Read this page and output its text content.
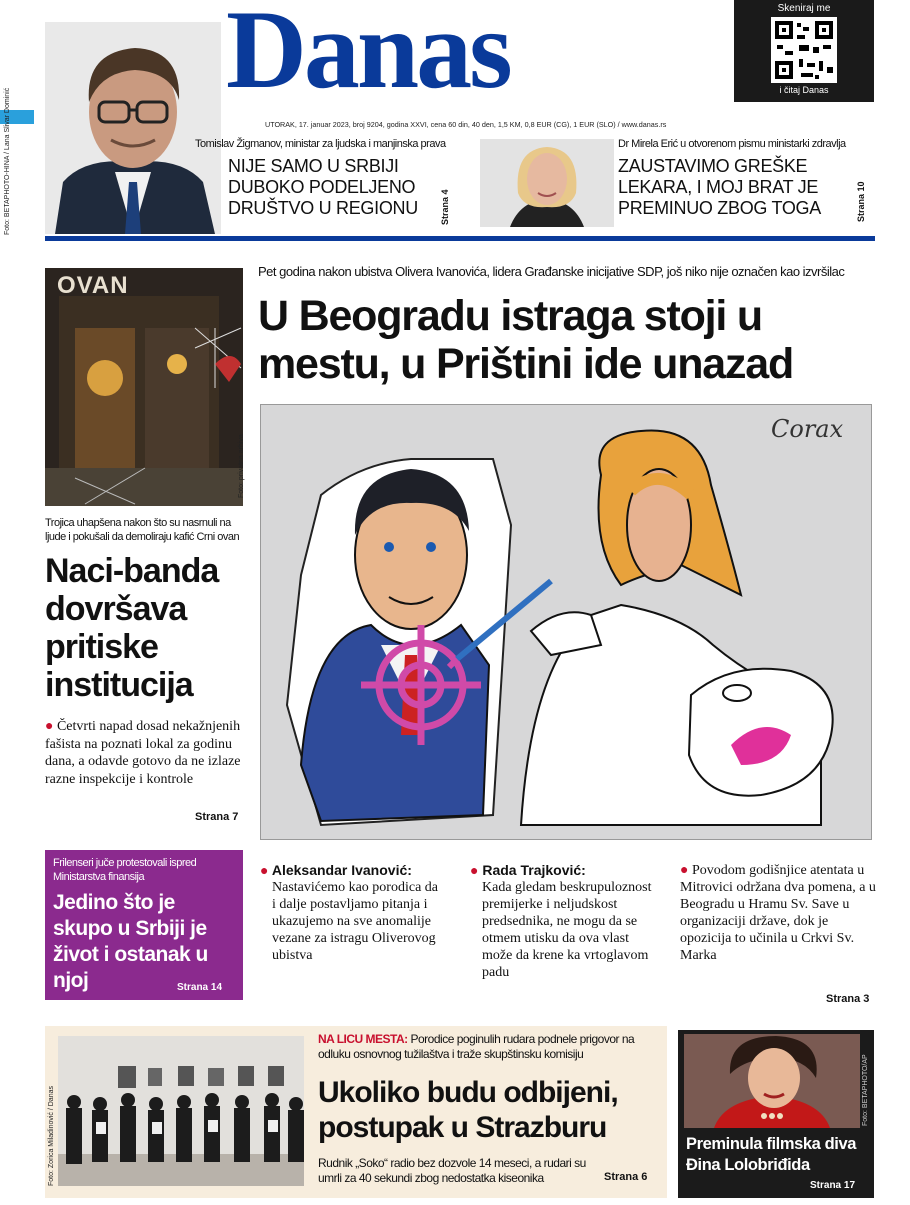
Danas	Skeniraj me
i čitaj Danas
UTORAK, 17. januar 2023, broj 9204, godina XXVI, cena 60 din, 40 den, 1,5 KM, 0,8 EUR (CG), 1 EUR (SLO) / www.danas.rs
Foto: BETAPHOTO-HINA / Lana Slivar Dominić	Tomislav Žigmanov, ministar za ljudska i manjinska prava
NIJE SAMO U SRBIJI DUBOKO PODELJENO DRUŠTVO U REGIONU	Strana 4
Dr Mirela Erić u otvorenom pismu ministarki zdravlja
ZAUSTAVIMO GREŠKE LEKARA, I MOJ BRAT JE PREMINUO ZBOG TOGA	Strana 10
OVAN
Foto: privatna arhiva
Trojica uhapšena nakon što su nasrnuli na ljude i pokušali da demoliraju kafić Crni ovan
Naci-banda dovršava pritiske institucija
● Četvrti napad dosad nekažnjenih fašista na poznati lokal za godinu dana, a odavde gotovo da ne izlaze razne inspekcije i kontrole
Strana 7
Frilenseri juče protestovali ispred Ministarstva finansija
Jedino što je skupo u Srbiji je život i ostanak u njoj	Strana 14
Pet godina nakon ubistva Olivera Ivanovića, lidera Građanske inicijative SDP, još niko nije označen kao izvršilac
U Beogradu istraga stoji u mestu, u Prištini ide unazad
Corax
● Aleksandar Ivanović:
Nastavićemo kao porodica da i dalje postavljamo pitanja i ukazujemo na sve anomalije vezane za istragu Oliverovog ubistva
● Rada Trajković:
Kada gledam beskrupuloznost premijerke i neljudskost predsednika, ne mogu da se otmem utisku da ova vlast može da krene ka vrtoglavom padu
● Povodom godišnjice atentata u Mitrovici održana dva pomena, a u Beogradu u Hramu Sv. Save u organizaciji države, dok je opozicija to učinila u Crkvi Sv. Marka
Strana 3
Foto: Zorica Miladinović / Danas
NA LICU MESTA: Porodice poginulih rudara podnele prigovor na odluku osnovnog tužilaštva i traže skupštinsku komisiju
Ukoliko budu odbijeni, postupak u Strazburu
Rudnik „Soko“ radio bez dozvole 14 meseci, a rudari su umrli za 40 sekundi zbog nedostatka kiseonika	Strana 6
Foto: BETAPHOTO/AP
Preminula filmska diva Đina Lolobriđida
Strana 17
